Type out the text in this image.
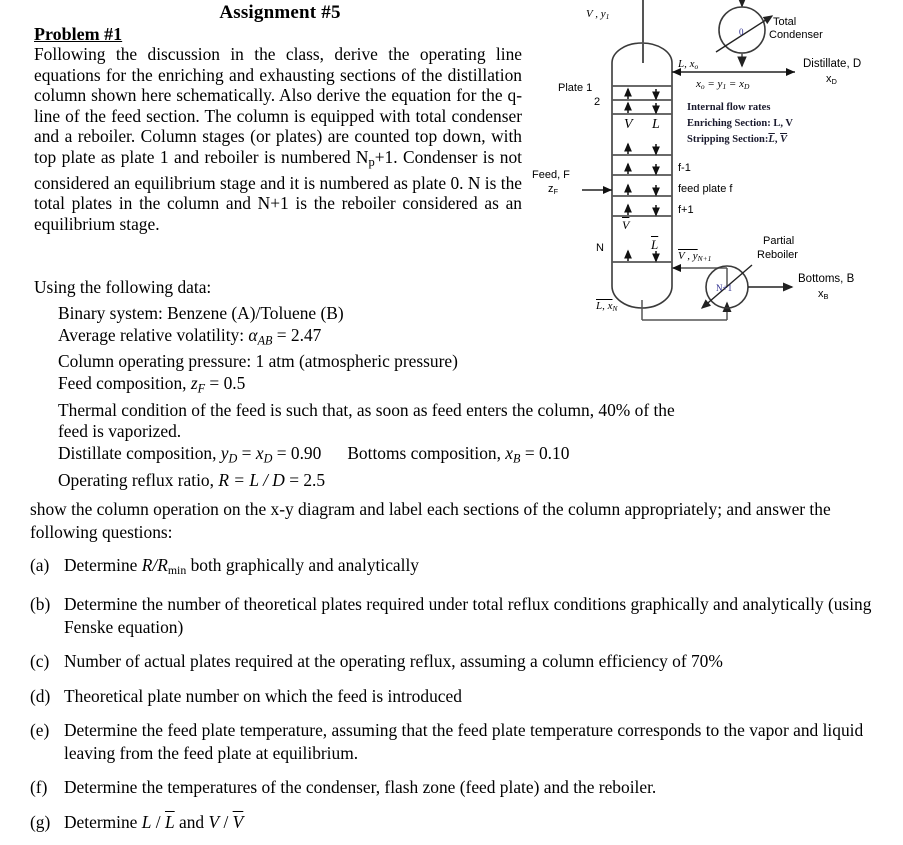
Assignment #5
Problem #1
Following the discussion in the class, derive the operating line equations for the enriching and exhausting sections of the distillation column shown here schematically. Also derive the equation for the q-line of the feed section. The column is equipped with total condenser and a reboiler. Column stages (or plates) are counted top down, with top plate as plate 1 and reboiler is numbered $N_p+1$. Condenser is not considered an equilibrium stage and it is numbered as plate 0. N is the total plates in the column and N+1 is the reboiler considered as an equilibrium stage.
Using the following data:
Binary system: Benzene (A)/Toluene (B)
Average relative volatility: αAB = 2.47
Column operating pressure: 1 atm (atmospheric pressure)
Feed composition, zF = 0.5
Thermal condition of the feed is such that, as soon as feed enters the column, 40% of the feed is vaporized.
Distillate composition, yD = xD = 0.90 Bottoms composition, xB = 0.10
Operating reflux ratio, R = L / D = 2.5
show the column operation on the x-y diagram and label each sections of the column appropriately; and answer the following questions:
(a) Determine R/Rmin both graphically and analytically
(b) Determine the number of theoretical plates required under total reflux conditions graphically and analytically (using Fenske equation)
(c) Number of actual plates required at the operating reflux, assuming a column efficiency of 70%
(d) Theoretical plate number on which the feed is introduced
(e) Determine the feed plate temperature, assuming that the feed plate temperature corresponds to the vapor and liquid leaving from the feed plate at equilibrium.
(f) Determine the temperatures of the condenser, flash zone (feed plate) and the reboiler.
(g) Determine L / $\overline{L}$ and V / $\overline{V}$
V , y1	Total
Condenser
0
L, xo
xo = y1 = xD
Distillate, D
xD
Internal flow rates
Enriching Section: L, V
Stripping $Section:\overline{L}$, $\overline{V}$
Plate 1
2
V L
f-1
feed plate f
f+1
N
$\overline{V}$
$\overline{L}$
Feed, F
zF
L, xN
V , yN+1
Partial
Reboiler
N+1
Bottoms, B
xB
